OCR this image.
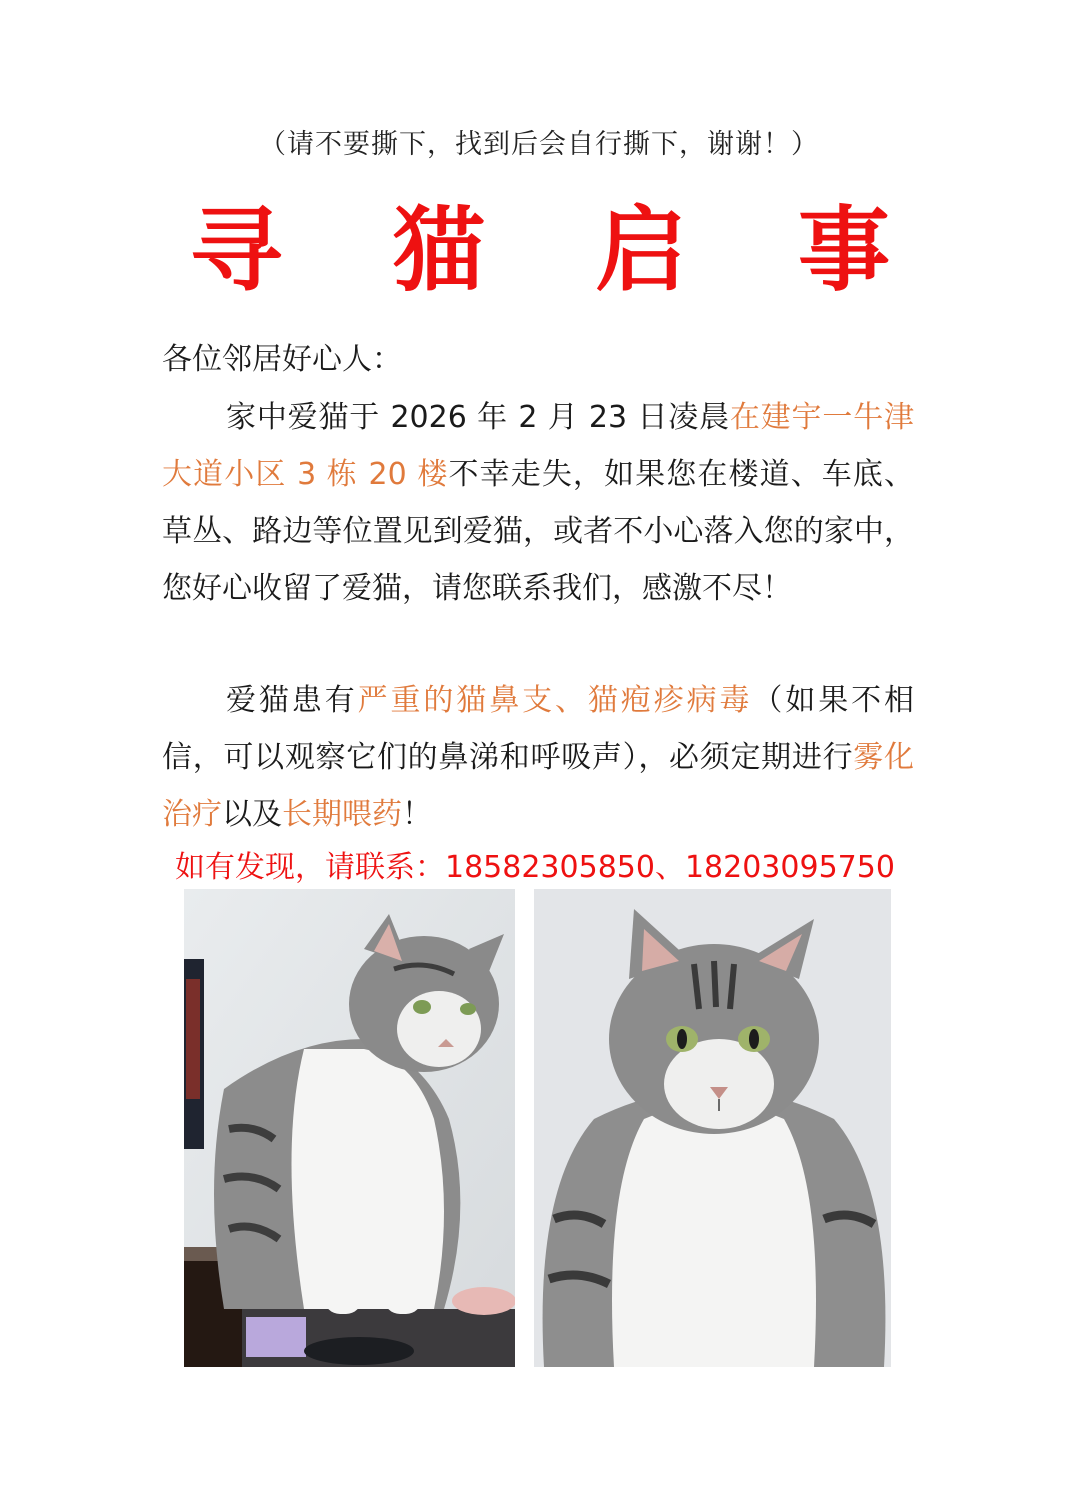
（请不要撕下，找到后会自行撕下，谢谢！）
寻 猫 启 事
各位邻居好心人：

家中爱猫于 2026 年 2 月 23 日凌晨在建宇一牛津大道小区 3 栋 20 楼不幸走失，如果您在楼道、车底、草丛、路边等位置见到爱猫，或者不小心落入您的家中，您好心收留了爱猫，请您联系我们，感激不尽！

爱猫患有严重的猫鼻支、猫疱疹病毒（如果不相信，可以观察它们的鼻涕和呼吸声），必须定期进行雾化治疗以及长期喂药！

如有发现，请联系：18582305850、18203095750
